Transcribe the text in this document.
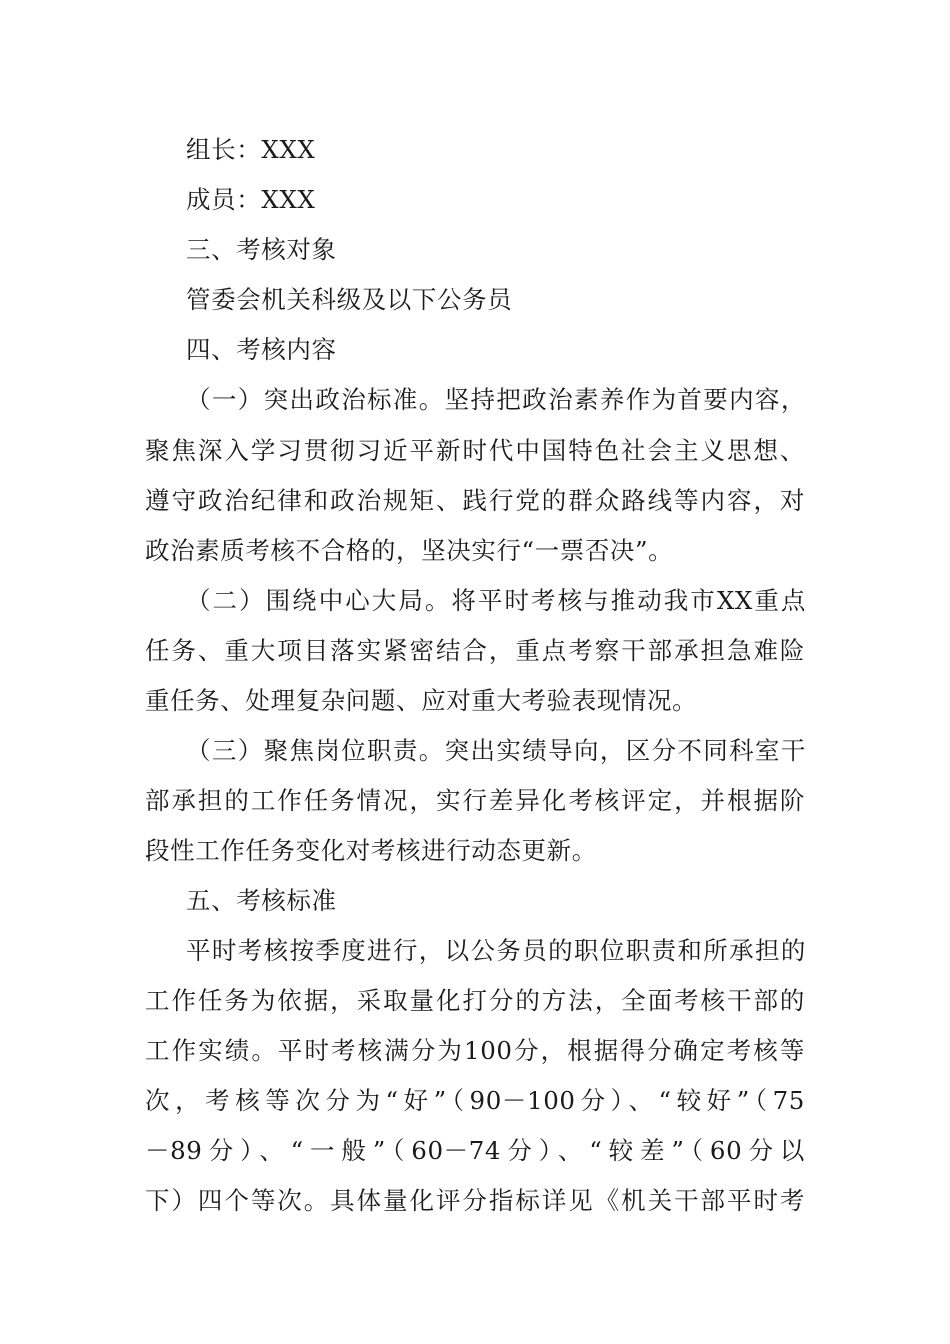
组长：XXX
成员：XXX
三、考核对象
管委会机关科级及以下公务员
四、考核内容
（一）突出政治标准。坚持把政治素养作为首要内容，
聚焦深入学习贯彻习近平新时代中国特色社会主义思想、
遵守政治纪律和政治规矩、践行党的群众路线等内容，对
政治素质考核不合格的，坚决实行“一票否决”。
（二）围绕中心大局。将平时考核与推动我市XX重点
任务、重大项目落实紧密结合，重点考察干部承担急难险
重任务、处理复杂问题、应对重大考验表现情况。
（三）聚焦岗位职责。突出实绩导向，区分不同科室干
部承担的工作任务情况，实行差异化考核评定，并根据阶
段性工作任务变化对考核进行动态更新。
五、考核标准
平时考核按季度进行，以公务员的职位职责和所承担的
工作任务为依据，采取量化打分的方法，全面考核干部的
工作实绩。平时考核满分为100分，根据得分确定考核等
次，考核等次分为“好”（90－100分）、“较好”（75
－89分）、“一般”（60－74分）、“较差”（60分以
下）四个等次。具体量化评分指标详见《机关干部平时考
